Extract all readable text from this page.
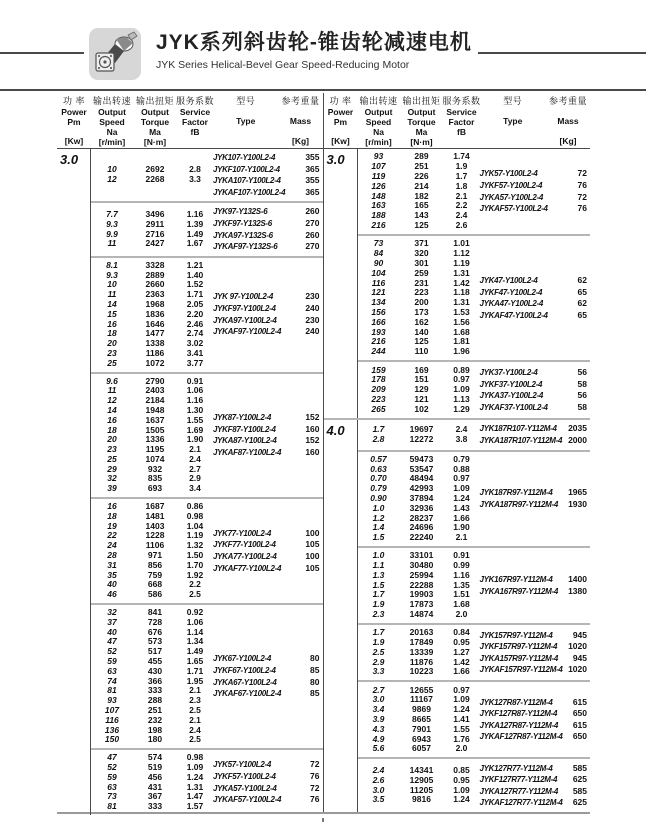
JYK系列斜齿轮-锥齿轮减速电机
JYK Series Helical-Bevel Gear Speed-Reducing Motor
功 率
Power
Pm
[Kw]
输出转速
Output Speed
Na
[r/min]
输出扭矩
Output Torque
Ma
[N·m]
服务系数
Service Factor
fB
型号
Type
参考重量
Mass
[Kg]
3.0
10	2692	2.8
12	2268	3.3
JYK107-Y100L2-4	355
JYKF107-Y100L2-4	365
JYKA107-Y100L2-4	355
JYKAF107-Y100L2-4	365
7.7	3496	1.16
9.3	2911	1.39
9.9	2716	1.49
11	2427	1.67
JYK97-Y132S-6	260
JYKF97-Y132S-6	270
JYKA97-Y132S-6	260
JYKAF97-Y132S-6	270
8.1	3328	1.21
9.3	2889	1.40
10	2660	1.52
11	2363	1.71
14	1968	2.05
15	1836	2.20
16	1646	2.46
18	1477	2.74
20	1338	3.02
23	1186	3.41
25	1072	3.77
JYK 97-Y100L2-4	230
JYKF97-Y100L2-4	240
JYKA97-Y100L2-4	230
JYKAF97-Y100L2-4	240
9.6	2790	0.91
11	2403	1.06
12	2184	1.16
14	1948	1.30
16	1637	1.55
18	1505	1.69
20	1336	1.90
23	1195	2.1
25	1074	2.4
29	932	2.7
32	835	2.9
39	693	3.4
JYK87-Y100L2-4	152
JYKF87-Y100L2-4	160
JYKA87-Y100L2-4	152
JYKAF87-Y100L2-4	160
16	1687	0.86
18	1481	0.98
19	1403	1.04
22	1228	1.19
24	1106	1.32
28	971	1.50
31	856	1.70
35	759	1.92
40	668	2.2
46	586	2.5
JYK77-Y100L2-4	100
JYKF77-Y100L2-4	105
JYKA77-Y100L2-4	100
JYKAF77-Y100L2-4	105
32	841	0.92
37	728	1.06
40	676	1.14
47	573	1.34
52	517	1.49
59	455	1.65
63	430	1.71
74	366	1.95
81	333	2.1
93	288	2.3
107	251	2.5
116	232	2.1
136	198	2.4
150	180	2.5
JYK67-Y100L2-4	80
JYKF67-Y100L2-4	85
JYKA67-Y100L2-4	80
JYKAF67-Y100L2-4	85
47	574	0.98
52	519	1.09
59	456	1.24
63	431	1.31
73	367	1.47
81	333	1.57
JYK57-Y100L2-4	72
JYKF57-Y100L2-4	76
JYKA57-Y100L2-4	72
JYKAF57-Y100L2-4	76
功 率
Power
Pm
[Kw]
输出转速
Output Speed
Na
[r/min]
输出扭矩
Output Torque
Ma
[N·m]
服务系数
Service Factor
fB
型号
Type
参考重量
Mass
[Kg]
3.0	93	289	1.74
107	251	1.9
119	226	1.7
126	214	1.8
148	182	2.1
163	165	2.2
188	143	2.4
216	125	2.6
JYK57-Y100L2-4	72
JYKF57-Y100L2-4	76
JYKA57-Y100L2-4	72
JYKAF57-Y100L2-4	76
73	371	1.01
84	320	1.12
90	301	1.19
104	259	1.31
116	231	1.42
121	223	1.18
134	200	1.31
156	173	1.53
166	162	1.56
193	140	1.68
216	125	1.81
244	110	1.96
JYK47-Y100L2-4	62
JYKF47-Y100L2-4	65
JYKA47-Y100L2-4	62
JYKAF47-Y100L2-4	65
159	169	0.89
178	151	0.97
209	129	1.09
223	121	1.13
265	102	1.29
JYK37-Y100L2-4	56
JYKF37-Y100L2-4	58
JYKA37-Y100L2-4	56
JYKAF37-Y100L2-4	58
4.0	1.7	19697	2.4
2.8	12272	3.8
JYK187R107-Y112M-4	2035
JYKA187R107-Y112M-4 2000
0.57	59473	0.79
0.63	53547	0.88
0.70	48494	0.97
0.79	42993	1.09
0.90	37894	1.24
1.0	32936	1.43
1.2	28237	1.66
1.4	24696	1.90
1.5	22240	2.1
JYK187R97-Y112M-4	1965
JYKA187R97-Y112M-4	1930
1.0	33101	0.91
1.1	30480	0.99
1.3	25994	1.16
1.5	22288	1.35
1.7	19903	1.51
1.9	17873	1.68
2.3	14874	2.0
JYK167R97-Y112M-4	1400
JYKA167R97-Y112M-4	1380
1.7	20163	0.84
1.9	17849	0.95
2.5	13339	1.27
2.9	11876	1.42
3.3	10223	1.66
JYK157R97-Y112M-4	945
JYKF157R97-Y112M-4	1020
JYKA157R97-Y112M-4	945
JYKAF157R97-Y112M-4 1020
2.7	12655	0.97
3.0	11167	1.09
3.4	9869	1.24
3.9	8665	1.41
4.3	7901	1.55
4.9	6943	1.76
5.6	6057	2.0
JYK127R87-Y112M-4	615
JYKF127R87-Y112M-4	650
JYKA127R87-Y112M-4	615
JYKAF127R87-Y112M-4	650
2.4	14341	0.85
2.6	12905	0.95
3.0	11205	1.09
3.5	9816	1.24
JYK127R77-Y112M-4	585
JYKF127R77-Y112M-4	625
JYKA127R77-Y112M-4	585
JYKAF127R77-Y112M-4	625
